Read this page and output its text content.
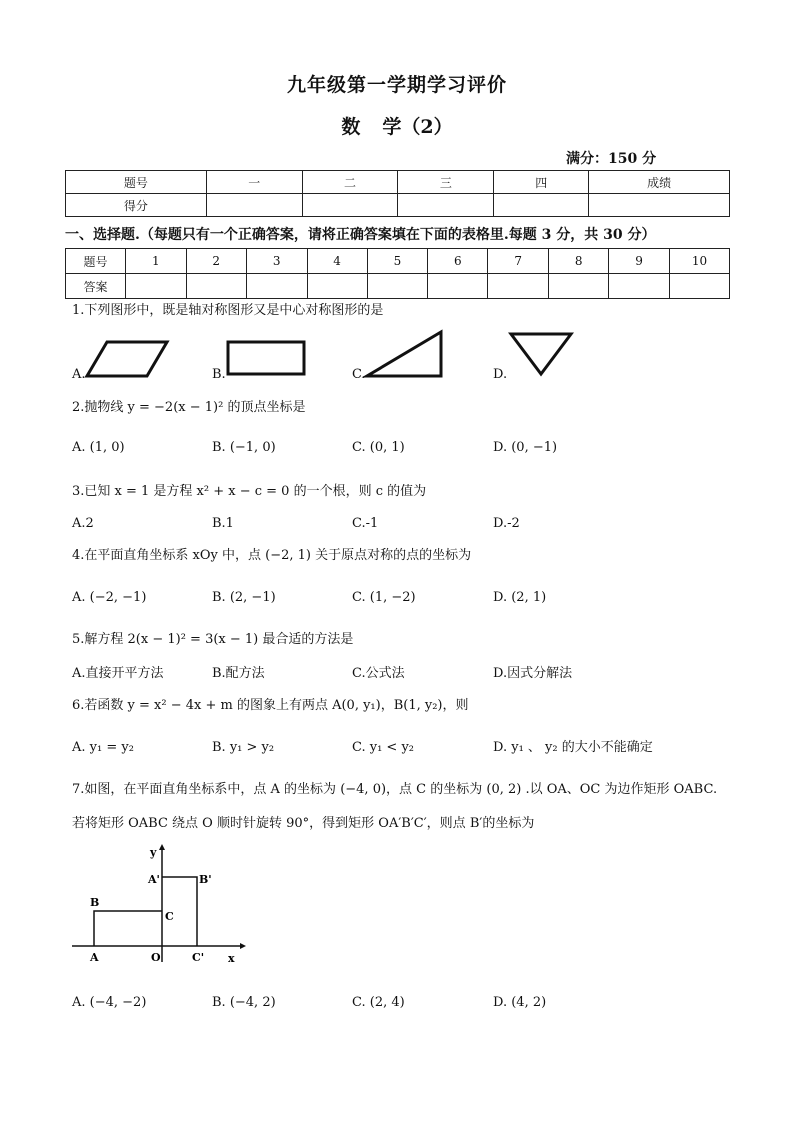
九年级第一学期学习评价
数 学（2）
满分：150 分
题号	一	二	三	四	成绩
得分					
一、选择题.（每题只有一个正确答案，请将正确答案填在下面的表格里.每题 3 分，共 30 分）
题号	1	2	3	4	5	6	7	8	9	10
答案										
1.下列图形中，既是轴对称图形又是中心对称图形的是
A.	B.	C.	D.
2.抛物线 y = −2(x − 1)² 的顶点坐标是
A. (1, 0)	B. (−1, 0)	C. (0, 1)	D. (0, −1)
3.已知 x = 1 是方程 x² + x − c = 0 的一个根，则 c 的值为
A.2	B.1	C.-1	D.-2
4.在平面直角坐标系 xOy 中，点 (−2, 1) 关于原点对称的点的坐标为
A. (−2, −1)	B. (2, −1)	C. (1, −2)	D. (2, 1)
5.解方程 2(x − 1)² = 3(x − 1) 最合适的方法是
A.直接开平方法	B.配方法	C.公式法	D.因式分解法
6.若函数 y = x² − 4x + m 的图象上有两点 A(0, y₁)，B(1, y₂)，则
A. y₁ = y₂	B. y₁ > y₂	C. y₁ < y₂	D. y₁ 、 y₂ 的大小不能确定
7.如图，在平面直角坐标系中，点 A 的坐标为 (−4, 0)，点 C 的坐标为 (0, 2) .以 OA、OC 为边作矩形 OABC.
若将矩形 OABC 绕点 O 顺时针旋转 90°，得到矩形 OA′B′C′，则点 B′的坐标为
y
x
A
B
C
O
A'	B'
C'
A. (−4, −2)	B. (−4, 2)	C. (2, 4)	D. (4, 2)
